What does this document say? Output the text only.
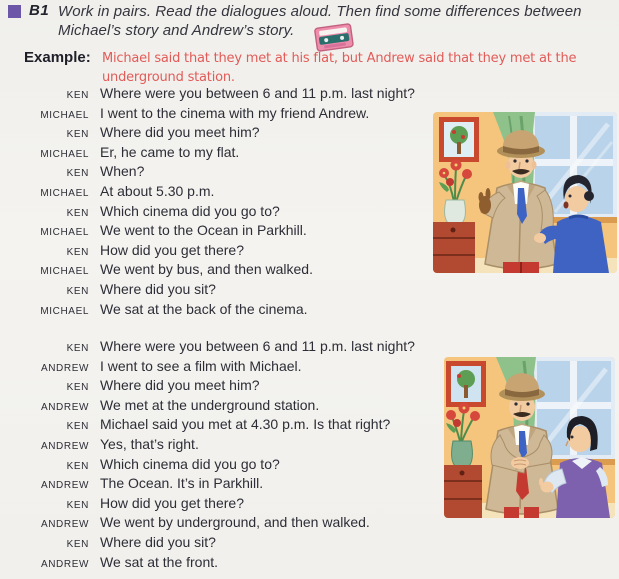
B1 Work in pairs. Read the dialogues aloud. Then find some differences between
Michael’s story and Andrew’s story.
Example: Michael said that they met at his flat, but Andrew said that they met at the
underground station.
KEN Where were you between 6 and 11 p.m. last night?
MICHAEL I went to the cinema with my friend Andrew.
KEN Where did you meet him?
MICHAEL Er, he came to my flat.
KEN When?
MICHAEL At about 5.30 p.m.
KEN Which cinema did you go to?
MICHAEL We went to the Ocean in Parkhill.
KEN How did you get there?
MICHAEL We went by bus, and then walked.
KEN Where did you sit?
MICHAEL We sat at the back of the cinema.
KEN Where were you between 6 and 11 p.m. last night?
ANDREW I went to see a film with Michael.
KEN Where did you meet him?
ANDREW We met at the underground station.
KEN Michael said you met at 4.30 p.m. Is that right?
ANDREW Yes, that’s right.
KEN Which cinema did you go to?
ANDREW The Ocean. It’s in Parkhill.
KEN How did you get there?
ANDREW We went by underground, and then walked.
KEN Where did you sit?
ANDREW We sat at the front.
